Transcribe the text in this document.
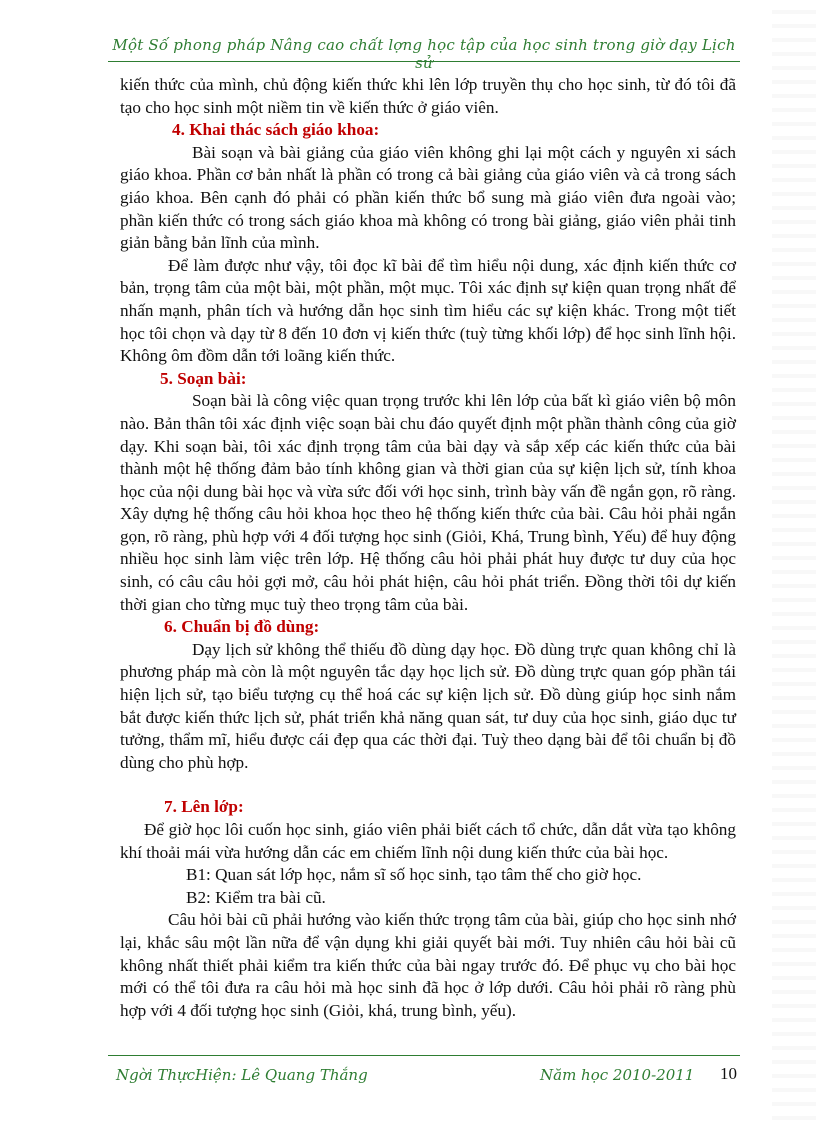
Một Số phong pháp Nâng cao chất lợng học tập của học sinh trong giờ dạy Lịch sử

kiến thức của mình, chủ động kiến thức khi lên lớp truyền thụ cho học sinh, từ đó tôi đã tạo cho học sinh một niềm tin về kiến thức ở giáo viên.

4. Khai thác sách giáo khoa:

Bài soạn và bài giảng của giáo viên không ghi lại một cách y nguyên xi sách giáo khoa. Phần cơ bản nhất là phần có trong cả bài giảng của giáo viên và cả trong sách giáo khoa. Bên cạnh đó phải có phần kiến thức bổ sung mà giáo viên đưa ngoài vào; phần kiến thức có trong sách giáo khoa mà không có trong bài giảng, giáo viên phải tinh giản bằng bản lĩnh của mình.

Để làm được như vậy, tôi đọc kĩ bài để tìm hiểu nội dung, xác định kiến thức cơ bản, trọng tâm của một bài, một phần, một mục. Tôi xác định sự kiện quan trọng nhất để nhấn mạnh, phân tích và hướng dẫn học sinh tìm hiểu các sự kiện khác. Trong một tiết học tôi chọn và dạy từ 8 đến 10 đơn vị kiến thức (tuỳ từng khối lớp) để học sinh lĩnh hội. Không ôm đồm dẫn tới loãng kiến thức.

5. Soạn bài:

Soạn bài là công việc quan trọng trước khi lên lớp của bất kì giáo viên bộ môn nào. Bản thân tôi xác định việc soạn bài chu đáo quyết định một phần thành công của giờ dạy. Khi soạn bài, tôi xác định trọng tâm của bài dạy và sắp xếp các kiến thức của bài thành một hệ thống đảm bảo tính không gian và thời gian của sự kiện lịch sử, tính khoa học của nội dung bài học và vừa sức đối với học sinh, trình bày vấn đề ngắn gọn, rõ ràng. Xây dựng hệ thống câu hỏi khoa học theo hệ thống kiến thức của bài. Câu hỏi phải ngắn gọn, rõ ràng, phù hợp với 4 đối tượng học sinh (Giỏi, Khá, Trung bình, Yếu) để huy động nhiều học sinh làm việc trên lớp. Hệ thống câu hỏi phải phát huy được tư duy của học sinh, có câu câu hỏi gợi mở, câu hỏi phát hiện, câu hỏi phát triển. Đồng thời tôi dự kiến thời gian cho từng mục tuỳ theo trọng tâm của bài.

6. Chuẩn bị đồ dùng:

Dạy lịch sử không thể thiếu đồ dùng dạy học. Đồ dùng trực quan không chỉ là phương pháp mà còn là một nguyên tắc dạy học lịch sử. Đồ dùng trực quan góp phần tái hiện lịch sử, tạo biểu tượng cụ thể hoá các sự kiện lịch sử. Đồ dùng giúp học sinh nắm bắt được kiến thức lịch sử, phát triển khả năng quan sát, tư duy của học sinh, giáo dục tư tưởng, thẩm mĩ, hiểu được cái đẹp qua các thời đại. Tuỳ theo dạng bài để tôi chuẩn bị đồ dùng cho phù hợp.

7. Lên lớp:

Để giờ học lôi cuốn học sinh, giáo viên phải biết cách tổ chức, dẫn dắt vừa tạo không khí thoải mái vừa hướng dẫn các em chiếm lĩnh nội dung kiến thức của bài học.

B1: Quan sát lớp học, nắm sĩ số học sinh, tạo tâm thế cho giờ học.

B2: Kiểm tra bài cũ.

Câu hỏi bài cũ phải hướng vào kiến thức trọng tâm của bài, giúp cho học sinh nhớ lại, khắc sâu một lần nữa để vận dụng khi giải quyết bài mới. Tuy nhiên câu hỏi bài cũ không nhất thiết phải kiểm tra kiến thức của bài ngay trước đó. Để phục vụ cho bài học mới có thể tôi đưa ra câu hỏi mà học sinh đã học ở lớp dưới. Câu hỏi phải rõ ràng phù hợp với 4 đối tượng học sinh (Giỏi, khá, trung bình, yếu).

Ngời ThựcHiện: Lê Quang Thắng	Năm học 2010-2011 10
